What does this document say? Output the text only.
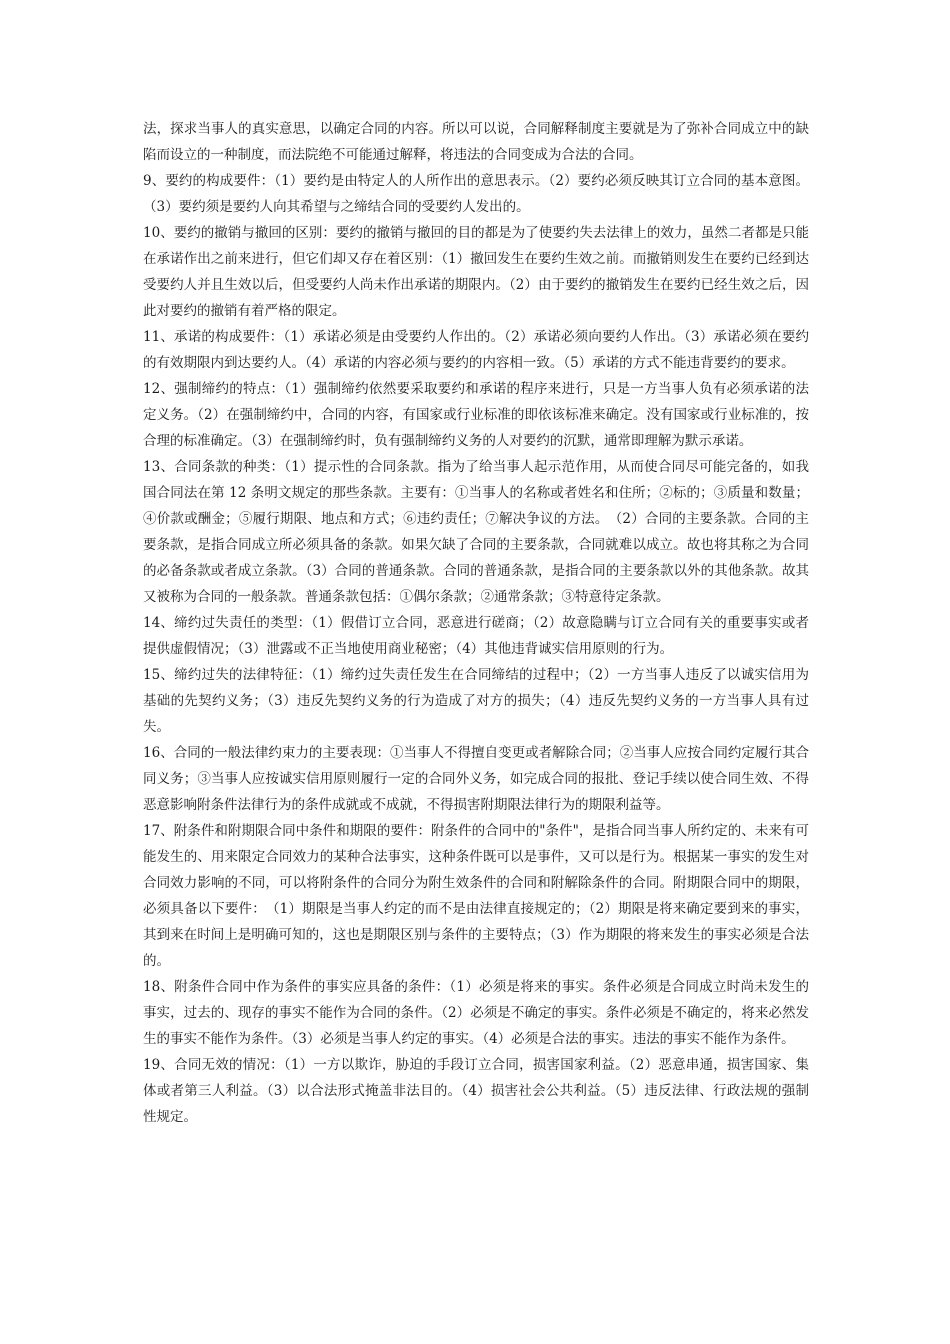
法，探求当事人的真实意思，以确定合同的内容。所以可以说，合同解释制度主要就是为了弥补合同成立中的缺陷而设立的一种制度，而法院绝不可能通过解释，将违法的合同变成为合法的合同。

9、要约的构成要件：（1）要约是由特定人的人所作出的意思表示。（2）要约必须反映其订立合同的基本意图。（3）要约须是要约人向其希望与之缔结合同的受要约人发出的。

10、要约的撤销与撤回的区别：要约的撤销与撤回的目的都是为了使要约失去法律上的效力，虽然二者都是只能在承诺作出之前来进行，但它们却又存在着区别：（1）撤回发生在要约生效之前。而撤销则发生在要约已经到达受要约人并且生效以后，但受要约人尚未作出承诺的期限内。（2）由于要约的撤销发生在要约已经生效之后，因此对要约的撤销有着严格的限定。

11、承诺的构成要件：（1）承诺必须是由受要约人作出的。（2）承诺必须向要约人作出。（3）承诺必须在要约的有效期限内到达要约人。（4）承诺的内容必须与要约的内容相一致。（5）承诺的方式不能违背要约的要求。

12、强制缔约的特点：（1）强制缔约依然要采取要约和承诺的程序来进行，只是一方当事人负有必须承诺的法定义务。（2）在强制缔约中，合同的内容，有国家或行业标准的即依该标准来确定。没有国家或行业标准的，按合理的标准确定。（3）在强制缔约时，负有强制缔约义务的人对要约的沉默，通常即理解为默示承诺。

13、合同条款的种类：（1）提示性的合同条款。指为了给当事人起示范作用，从而使合同尽可能完备的，如我国合同法在第 12 条明文规定的那些条款。主要有：①当事人的名称或者姓名和住所；②标的；③质量和数量；④价款或酬金；⑤履行期限、地点和方式；⑥违约责任；⑦解决争议的方法。　（2）合同的主要条款。合同的主要条款，是指合同成立所必须具备的条款。如果欠缺了合同的主要条款，合同就难以成立。故也将其称之为合同的必备条款或者成立条款。（3）合同的普通条款。合同的普通条款，是指合同的主要条款以外的其他条款。故其又被称为合同的一般条款。普通条款包括：①偶尔条款；②通常条款；③特意待定条款。

14、缔约过失责任的类型：（1）假借订立合同，恶意进行磋商；（2）故意隐瞒与订立合同有关的重要事实或者提供虚假情况；（3）泄露或不正当地使用商业秘密；（4）其他违背诚实信用原则的行为。

15、缔约过失的法律特征：（1）缔约过失责任发生在合同缔结的过程中；（2）一方当事人违反了以诚实信用为基础的先契约义务；（3）违反先契约义务的行为造成了对方的损失；（4）违反先契约义务的一方当事人具有过失。

16、合同的一般法律约束力的主要表现：①当事人不得擅自变更或者解除合同；②当事人应按合同约定履行其合同义务；③当事人应按诚实信用原则履行一定的合同外义务，如完成合同的报批、登记手续以使合同生效、不得恶意影响附条件法律行为的条件成就或不成就，不得损害附期限法律行为的期限利益等。

17、附条件和附期限合同中条件和期限的要件：附条件的合同中的"条件"，是指合同当事人所约定的、未来有可能发生的、用来限定合同效力的某种合法事实，这种条件既可以是事件，又可以是行为。根据某一事实的发生对合同效力影响的不同，可以将附条件的合同分为附生效条件的合同和附解除条件的合同。附期限合同中的期限，必须具备以下要件：　（1）期限是当事人约定的而不是由法律直接规定的；（2）期限是将来确定要到来的事实，其到来在时间上是明确可知的，这也是期限区别与条件的主要特点；（3）作为期限的将来发生的事实必须是合法的。

18、附条件合同中作为条件的事实应具备的条件：（1）必须是将来的事实。条件必须是合同成立时尚未发生的事实，过去的、现存的事实不能作为合同的条件。（2）必须是不确定的事实。条件必须是不确定的，将来必然发生的事实不能作为条件。（3）必须是当事人约定的事实。（4）必须是合法的事实。违法的事实不能作为条件。

19、合同无效的情况：（1）一方以欺诈，胁迫的手段订立合同，损害国家利益。（2）恶意串通，损害国家、集体或者第三人利益。（3）以合法形式掩盖非法目的。（4）损害社会公共利益。（5）违反法律、行政法规的强制性规定。
